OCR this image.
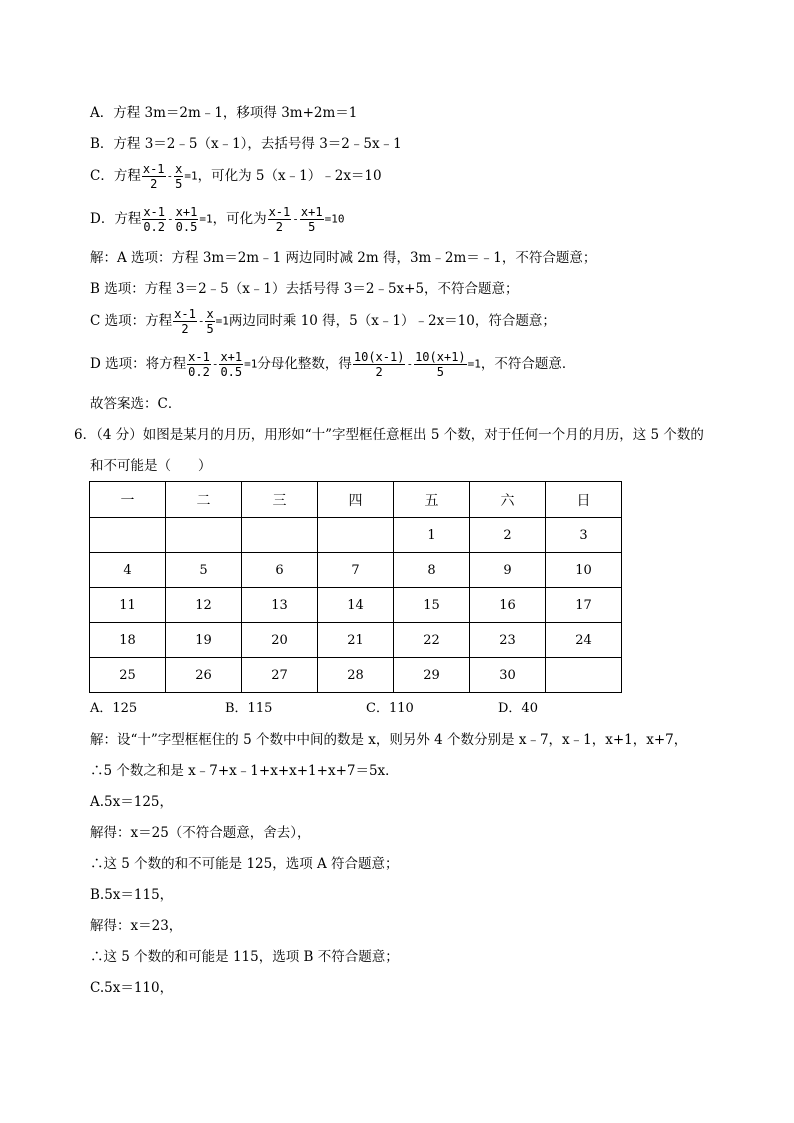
A．方程 3m＝2m﹣1，移项得 3m+2m＝1
B．方程 3＝2﹣5（x﹣1），去括号得 3＝2﹣5x﹣1
C．方程 $\frac{x-1}{2} - \frac{x}{5} =1$，可化为 5（x﹣1）﹣2x＝10
D．方程 $\frac{x-1}{0.2} - \frac{x+1}{0.5} =1$，可化为 $\frac{x-1}{2} - \frac{x+1}{5} =10$
解：A 选项：方程 3m＝2m﹣1 两边同时减 2m 得，3m﹣2m＝﹣1，不符合题意；
B 选项：方程 3＝2﹣5（x﹣1）去括号得 3＝2﹣5x+5，不符合题意；
C 选项：方程 $\frac{x-1}{2} - \frac{x}{5} =1$两边同时乘 10 得，5（x﹣1）﹣2x＝10，符合题意；
D 选项：将方程 $\frac{x-1}{0.2} - \frac{x+1}{0.5} =1$分母化整数，得 $\frac{10(x-1)}{2} - \frac{10(x+1)}{5} =1$，不符合题意．
故答案选：C．
6．（4 分）如图是某月的月历，用形如“十”字型框任意框出 5 个数，对于任何一个月的月历，这 5 个数的
和不可能是（　　）
一	二	三	四	五	六	日
				1	2	3
4	5	6	7	8	9	10
11	12	13	14	15	16	17
18	19	20	21	22	23	24
25	26	27	28	29	30	
A．125	B．115	C．110	D．40
解：设“十”字型框框住的 5 个数中中间的数是 x，则另外 4 个数分别是 x﹣7，x﹣1，x+1，x+7，
∴5 个数之和是 x﹣7+x﹣1+x+x+1+x+7＝5x．
A.5x＝125，
解得：x＝25（不符合题意，舍去），
∴这 5 个数的和不可能是 125，选项 A 符合题意；
B.5x＝115，
解得：x＝23，
∴这 5 个数的和可能是 115，选项 B 不符合题意；
C.5x＝110，
